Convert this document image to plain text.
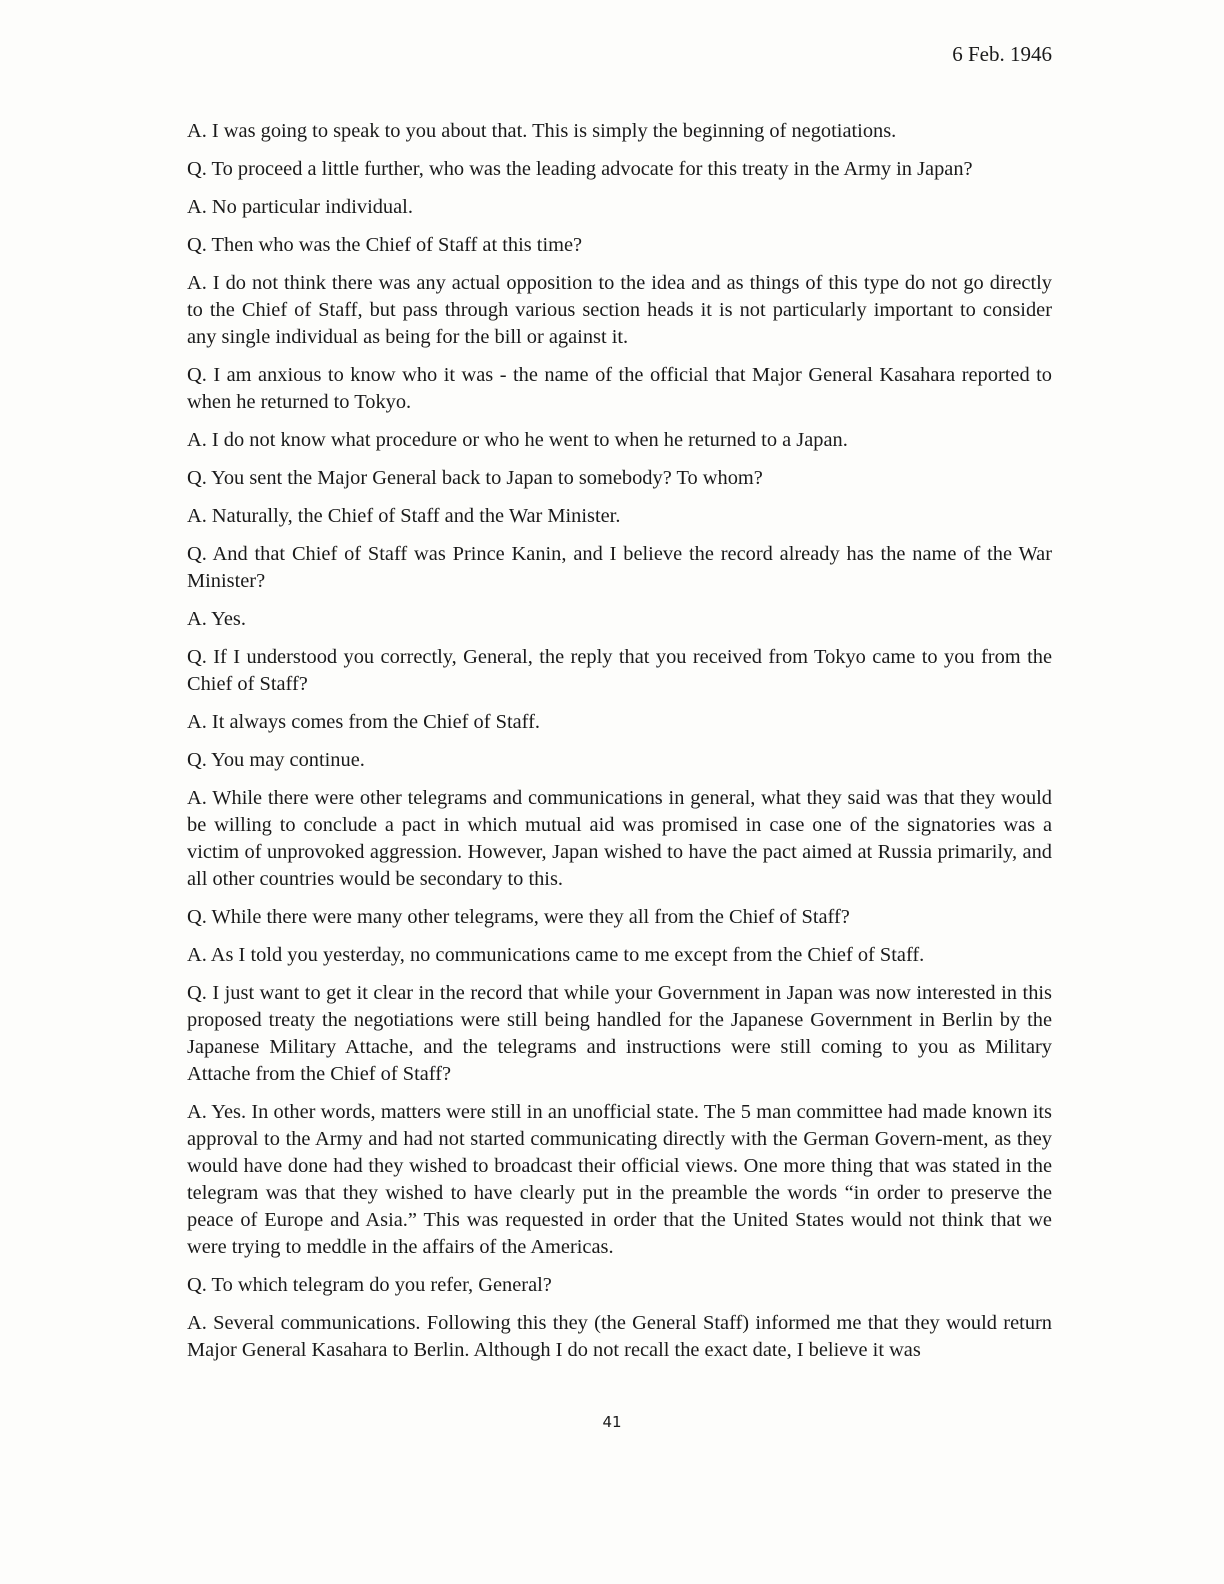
6 Feb. 1946

A. I was going to speak to you about that. This is simply the beginning of negotiations.

Q. To proceed a little further, who was the leading advocate for this treaty in the Army in Japan?

A. No particular individual.

Q. Then who was the Chief of Staff at this time?

A. I do not think there was any actual opposition to the idea and as things of this type do not go directly to the Chief of Staff, but pass through various section heads it is not particularly important to consider any single individual as being for the bill or against it.

Q. I am anxious to know who it was - the name of the official that Major General Kasahara reported to when he returned to Tokyo.

A. I do not know what procedure or who he went to when he returned to a Japan.

Q. You sent the Major General back to Japan to somebody? To whom?

A. Naturally, the Chief of Staff and the War Minister.

Q. And that Chief of Staff was Prince Kanin, and I believe the record already has the name of the War Minister?

A. Yes.

Q. If I understood you correctly, General, the reply that you received from Tokyo came to you from the Chief of Staff?

A. It always comes from the Chief of Staff.

Q. You may continue.

A. While there were other telegrams and communications in general, what they said was that they would be willing to conclude a pact in which mutual aid was promised in case one of the signatories was a victim of unprovoked aggression. However, Japan wished to have the pact aimed at Russia primarily, and all other countries would be secondary to this.

Q. While there were many other telegrams, were they all from the Chief of Staff?

A. As I told you yesterday, no communications came to me except from the Chief of Staff.

Q. I just want to get it clear in the record that while your Government in Japan was now interested in this proposed treaty the negotiations were still being handled for the Japanese Government in Berlin by the Japanese Military Attache, and the telegrams and instructions were still coming to you as Military Attache from the Chief of Staff?

A. Yes. In other words, matters were still in an unofficial state. The 5 man committee had made known its approval to the Army and had not started communicating directly with the German Govern-ment, as they would have done had they wished to broadcast their official views. One more thing that was stated in the telegram was that they wished to have clearly put in the preamble the words “in order to preserve the peace of Europe and Asia.” This was requested in order that the United States would not think that we were trying to meddle in the affairs of the Americas.

Q. To which telegram do you refer, General?

A. Several communications. Following this they (the General Staff) informed me that they would return Major General Kasahara to Berlin. Although I do not recall the exact date, I believe it was

41
